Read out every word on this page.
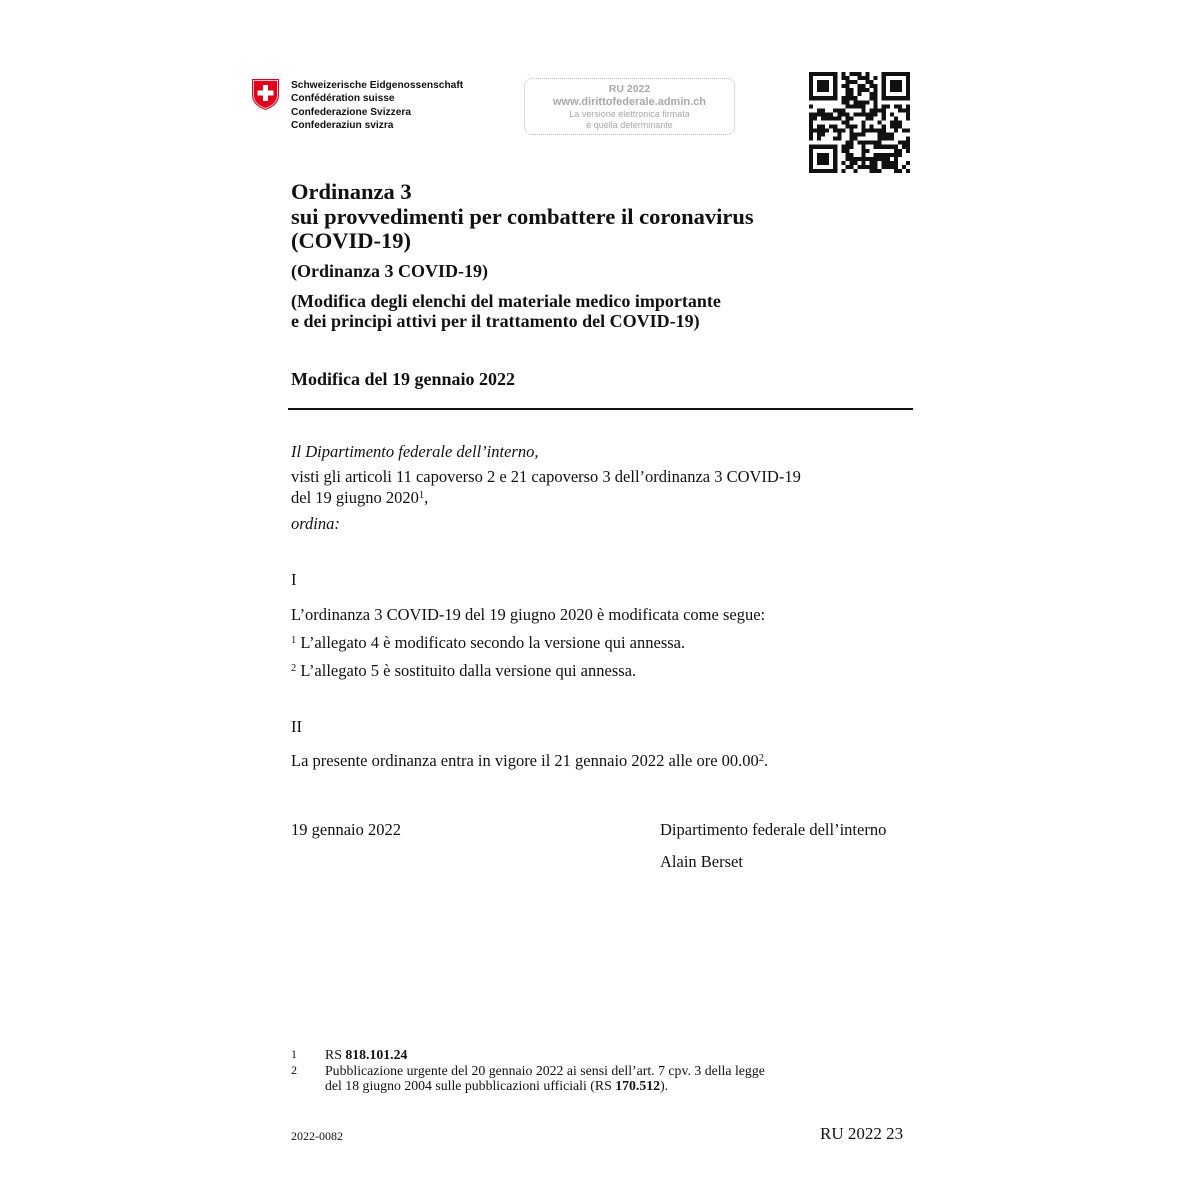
Schweizerische Eidgenossenschaft
Confédération suisse
Confederazione Svizzera
Confederaziun svizra
RU 2022
www.dirittofederale.admin.ch
La versione elettronica firmata
è quella determinante
Ordinanza 3
sui provvedimenti per combattere il coronavirus
(COVID-19)
(Ordinanza 3 COVID-19)
(Modifica degli elenchi del materiale medico importante
e dei principi attivi per il trattamento del COVID-19)
Modifica del 19 gennaio 2022
Il Dipartimento federale dell’interno,
visti gli articoli 11 capoverso 2 e 21 capoverso 3 dell’ordinanza 3 COVID-19
del 19 giugno 2020$^1$,
ordina:
I
L’ordinanza 3 COVID-19 del 19 giugno 2020 è modificata come segue:
$^1$ L’allegato 4 è modificato secondo la versione qui annessa.
$^2$ L’allegato 5 è sostituito dalla versione qui annessa.
II
La presente ordinanza entra in vigore il 21 gennaio 2022 alle ore 00.00$^2$.
19 gennaio 2022	Dipartimento federale dell’interno
Alain Berset
1	RS 818.101.24
2	Pubblicazione urgente del 20 gennaio 2022 ai sensi dell’art. 7 cpv. 3 della legge
del 18 giugno 2004 sulle pubblicazioni ufficiali (RS 170.512).
2022-0082	RU 2022 23
